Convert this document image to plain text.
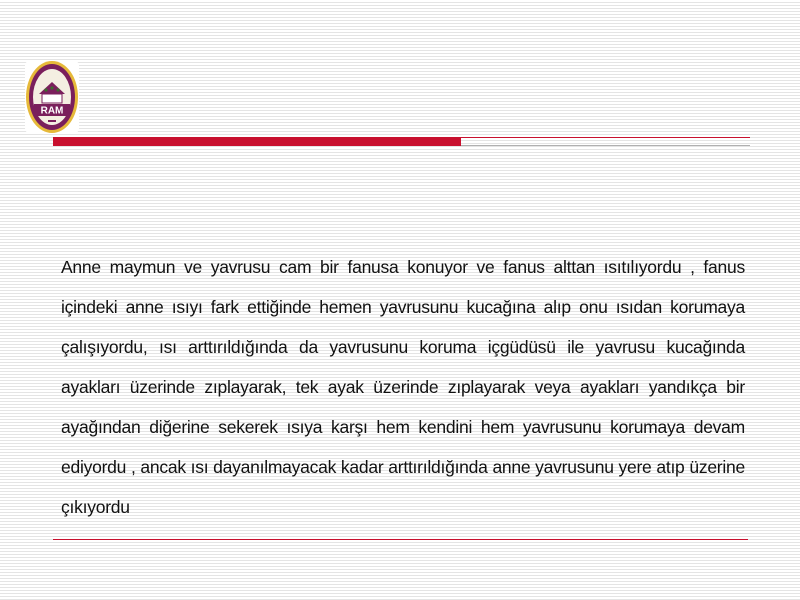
RAM

Anne maymun ve yavrusu cam bir fanusa konuyor ve fanus alttan ısıtılıyordu , fanus içindeki anne ısıyı fark ettiğinde hemen yavrusunu kucağına alıp onu ısıdan korumaya çalışıyordu, ısı arttırıldığında da yavrusunu koruma içgüdüsü ile yavrusu kucağında ayakları üzerinde zıplayarak, tek ayak üzerinde zıplayarak veya ayakları yandıkça bir ayağından diğerine sekerek ısıya karşı hem kendini hem yavrusunu korumaya devam ediyordu , ancak ısı dayanılmayacak kadar arttırıldığında anne yavrusunu yere atıp üzerine çıkıyordu
